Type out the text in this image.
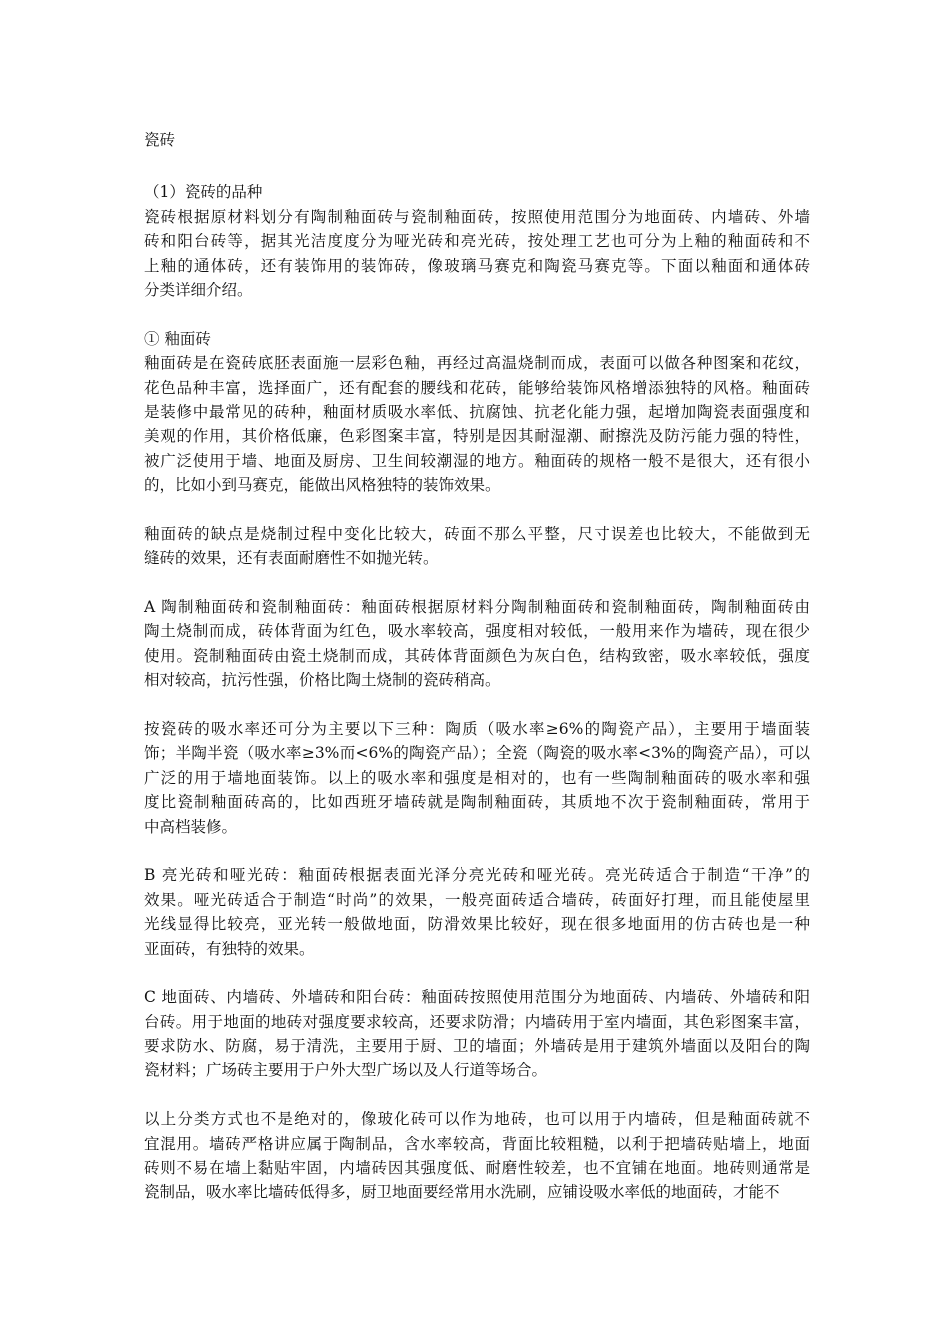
瓷砖
（1）瓷砖的品种
瓷砖根据原材料划分有陶制釉面砖与瓷制釉面砖，按照使用范围分为地面砖、内墙砖、外墙
砖和阳台砖等，据其光洁度度分为哑光砖和亮光砖，按处理工艺也可分为上釉的釉面砖和不
上釉的通体砖，还有装饰用的装饰砖，像玻璃马赛克和陶瓷马赛克等。下面以釉面和通体砖
分类详细介绍。
① 釉面砖
釉面砖是在瓷砖底胚表面施一层彩色釉，再经过高温烧制而成，表面可以做各种图案和花纹，
花色品种丰富，选择面广，还有配套的腰线和花砖，能够给装饰风格增添独特的风格。釉面砖
是装修中最常见的砖种，釉面材质吸水率低、抗腐蚀、抗老化能力强，起增加陶瓷表面强度和
美观的作用，其价格低廉，色彩图案丰富，特别是因其耐湿潮、耐擦洗及防污能力强的特性，
被广泛使用于墙、地面及厨房、卫生间较潮湿的地方。釉面砖的规格一般不是很大，还有很小
的，比如小到马赛克，能做出风格独特的装饰效果。
釉面砖的缺点是烧制过程中变化比较大，砖面不那么平整，尺寸误差也比较大，不能做到无
缝砖的效果，还有表面耐磨性不如抛光转。
A 陶制釉面砖和瓷制釉面砖：釉面砖根据原材料分陶制釉面砖和瓷制釉面砖，陶制釉面砖由
陶土烧制而成，砖体背面为红色，吸水率较高，强度相对较低，一般用来作为墙砖，现在很少
使用。瓷制釉面砖由瓷土烧制而成，其砖体背面颜色为灰白色，结构致密，吸水率较低，强度
相对较高，抗污性强，价格比陶土烧制的瓷砖稍高。
按瓷砖的吸水率还可分为主要以下三种：陶质（吸水率≥6%的陶瓷产品），主要用于墙面装
饰；半陶半瓷（吸水率≥3%而<6%的陶瓷产品）；全瓷（陶瓷的吸水率<3%的陶瓷产品），可以
广泛的用于墙地面装饰。以上的吸水率和强度是相对的，也有一些陶制釉面砖的吸水率和强
度比瓷制釉面砖高的，比如西班牙墙砖就是陶制釉面砖，其质地不次于瓷制釉面砖，常用于
中高档装修。
B 亮光砖和哑光砖：釉面砖根据表面光泽分亮光砖和哑光砖。亮光砖适合于制造“干净”的
效果。哑光砖适合于制造“时尚”的效果，一般亮面砖适合墙砖，砖面好打理，而且能使屋里
光线显得比较亮，亚光转一般做地面，防滑效果比较好，现在很多地面用的仿古砖也是一种
亚面砖，有独特的效果。
C 地面砖、内墙砖、外墙砖和阳台砖：釉面砖按照使用范围分为地面砖、内墙砖、外墙砖和阳
台砖。用于地面的地砖对强度要求较高，还要求防滑；内墙砖用于室内墙面，其色彩图案丰富，
要求防水、防腐，易于清洗，主要用于厨、卫的墙面；外墙砖是用于建筑外墙面以及阳台的陶
瓷材料；广场砖主要用于户外大型广场以及人行道等场合。
以上分类方式也不是绝对的，像玻化砖可以作为地砖，也可以用于内墙砖，但是釉面砖就不
宜混用。墙砖严格讲应属于陶制品，含水率较高，背面比较粗糙，以利于把墙砖贴墙上，地面
砖则不易在墙上黏贴牢固，内墙砖因其强度低、耐磨性较差，也不宜铺在地面。地砖则通常是
瓷制品，吸水率比墙砖低得多，厨卫地面要经常用水洗刷，应铺设吸水率低的地面砖，才能不
